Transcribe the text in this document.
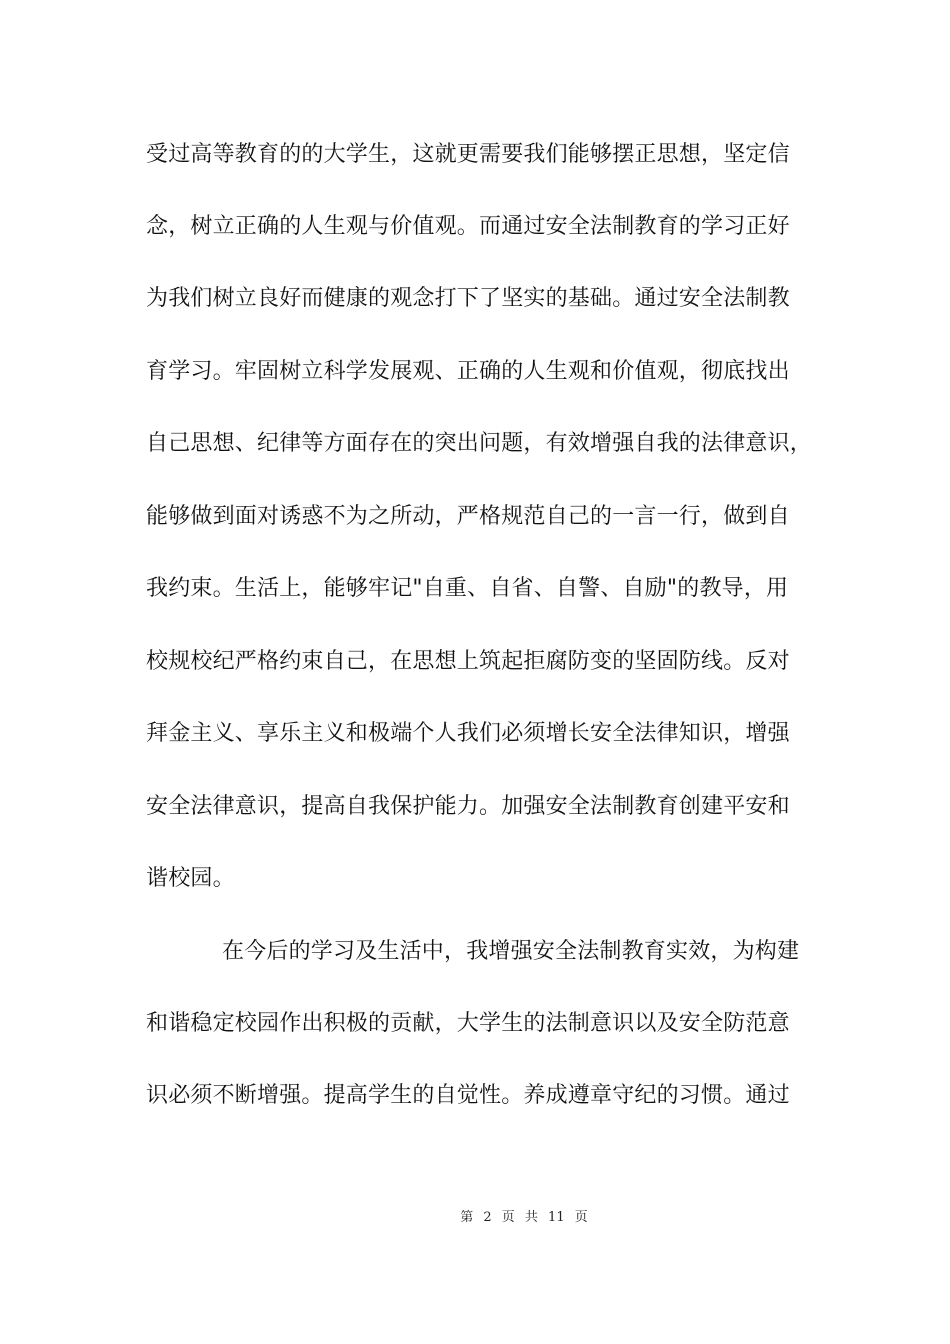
受过高等教育的的大学生，这就更需要我们能够摆正思想，坚定信
念，树立正确的人生观与价值观。而通过安全法制教育的学习正好
为我们树立良好而健康的观念打下了坚实的基础。通过安全法制教
育学习。牢固树立科学发展观、正确的人生观和价值观，彻底找出
自己思想、纪律等方面存在的突出问题，有效增强自我的法律意识，
能够做到面对诱惑不为之所动，严格规范自己的一言一行，做到自
我约束。生活上，能够牢记"自重、自省、自警、自励"的教导，用
校规校纪严格约束自己，在思想上筑起拒腐防变的坚固防线。反对
拜金主义、享乐主义和极端个人我们必须增长安全法律知识，增强
安全法律意识，提高自我保护能力。加强安全法制教育创建平安和
谐校园。
在今后的学习及生活中，我增强安全法制教育实效，为构建
和谐稳定校园作出积极的贡献，大学生的法制意识以及安全防范意
识必须不断增强。提高学生的自觉性。养成遵章守纪的习惯。通过
第 2 页 共 11 页
